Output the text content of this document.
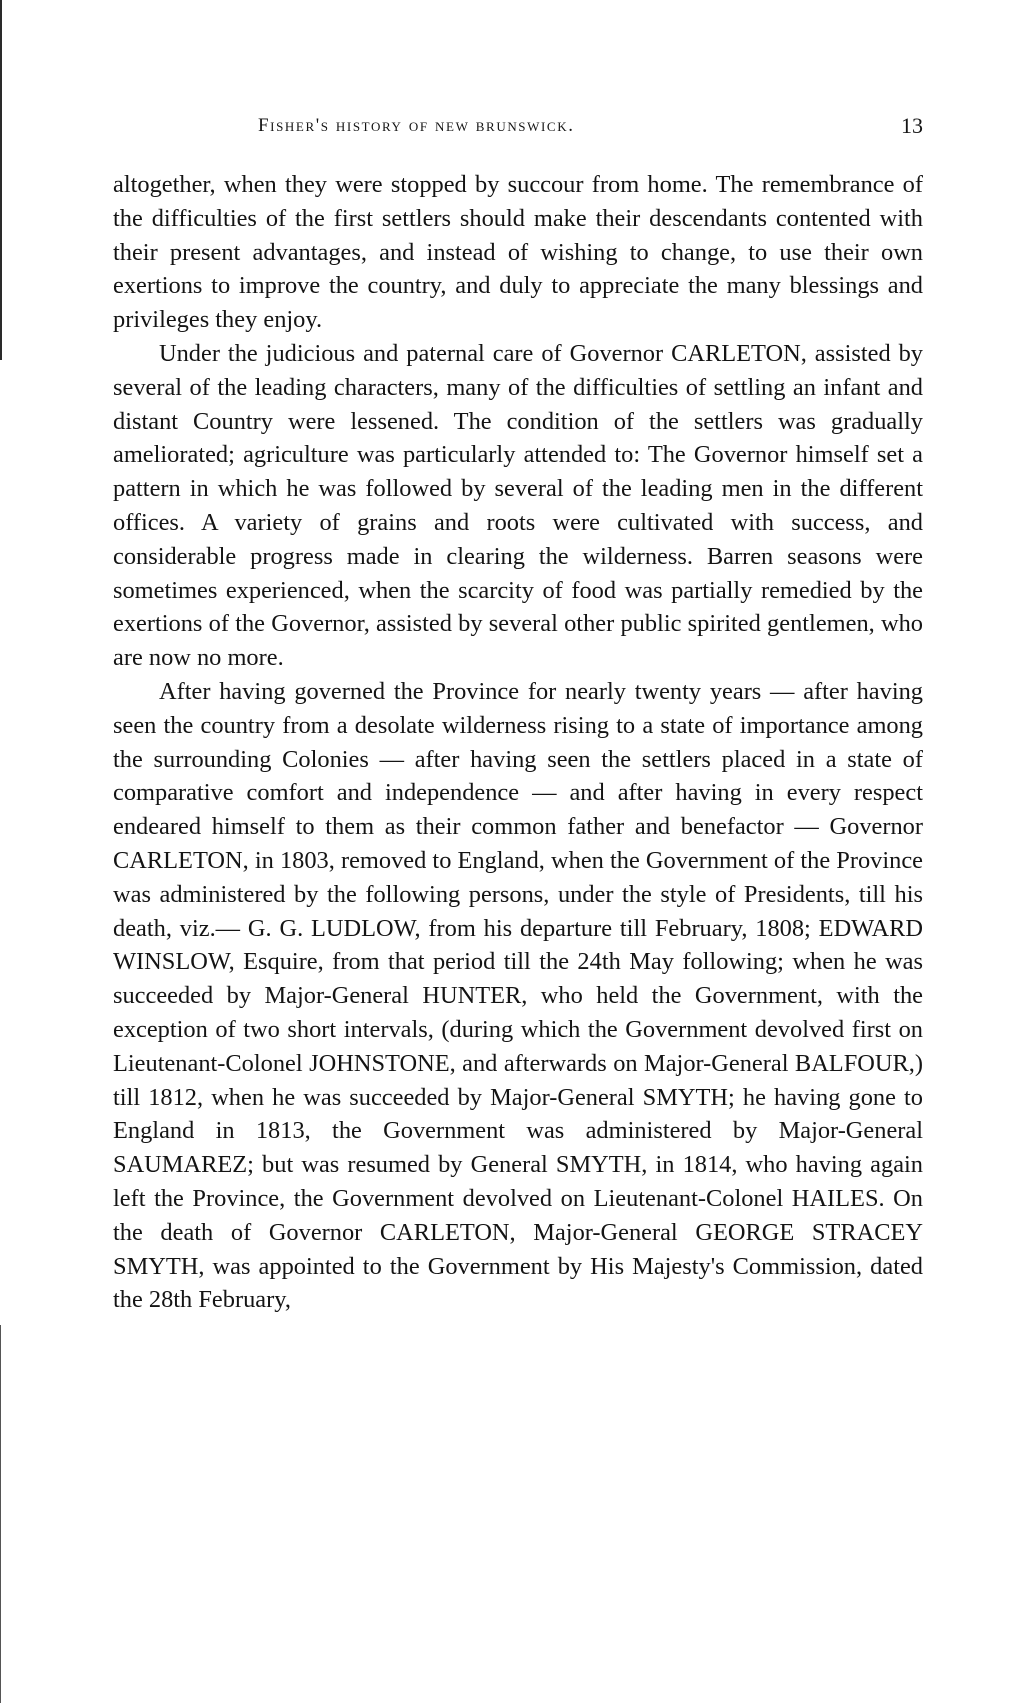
Fisher's history of new brunswick.	13

altogether, when they were stopped by succour from home. The remembrance of the difficulties of the first settlers should make their descendants contented with their present advantages, and instead of wishing to change, to use their own exertions to improve the country, and duly to appreciate the many blessings and privileges they enjoy.

Under the judicious and paternal care of Governor CARLETON, assisted by several of the leading characters, many of the difficulties of settling an infant and distant Country were lessened. The condition of the settlers was gradually ameliorated; agriculture was particularly attended to: The Governor himself set a pattern in which he was followed by several of the leading men in the different offices. A variety of grains and roots were cultivated with success, and considerable progress made in clearing the wilderness. Barren seasons were sometimes experienced, when the scarcity of food was partially remedied by the exertions of the Governor, assisted by several other public spirited gentlemen, who are now no more.

After having governed the Province for nearly twenty years — after having seen the country from a desolate wilderness rising to a state of importance among the surrounding Colonies — after having seen the settlers placed in a state of comparative comfort and independence — and after having in every respect endeared himself to them as their common father and benefactor — Governor CARLETON, in 1803, removed to England, when the Government of the Province was administered by the following persons, under the style of Presidents, till his death, viz.— G. G. LUDLOW, from his departure till February, 1808; EDWARD WINSLOW, Esquire, from that period till the 24th May following; when he was succeeded by Major-General HUNTER, who held the Government, with the exception of two short intervals, (during which the Government devolved first on Lieutenant-Colonel JOHNSTONE, and afterwards on Major-General BALFOUR,) till 1812, when he was succeeded by Major-General SMYTH; he having gone to England in 1813, the Government was administered by Major-General SAUMAREZ; but was resumed by General SMYTH, in 1814, who having again left the Province, the Government devolved on Lieutenant-Colonel HAILES. On the death of Governor CARLETON, Major-General GEORGE STRACEY SMYTH, was appointed to the Government by His Majesty's Commission, dated the 28th February,
